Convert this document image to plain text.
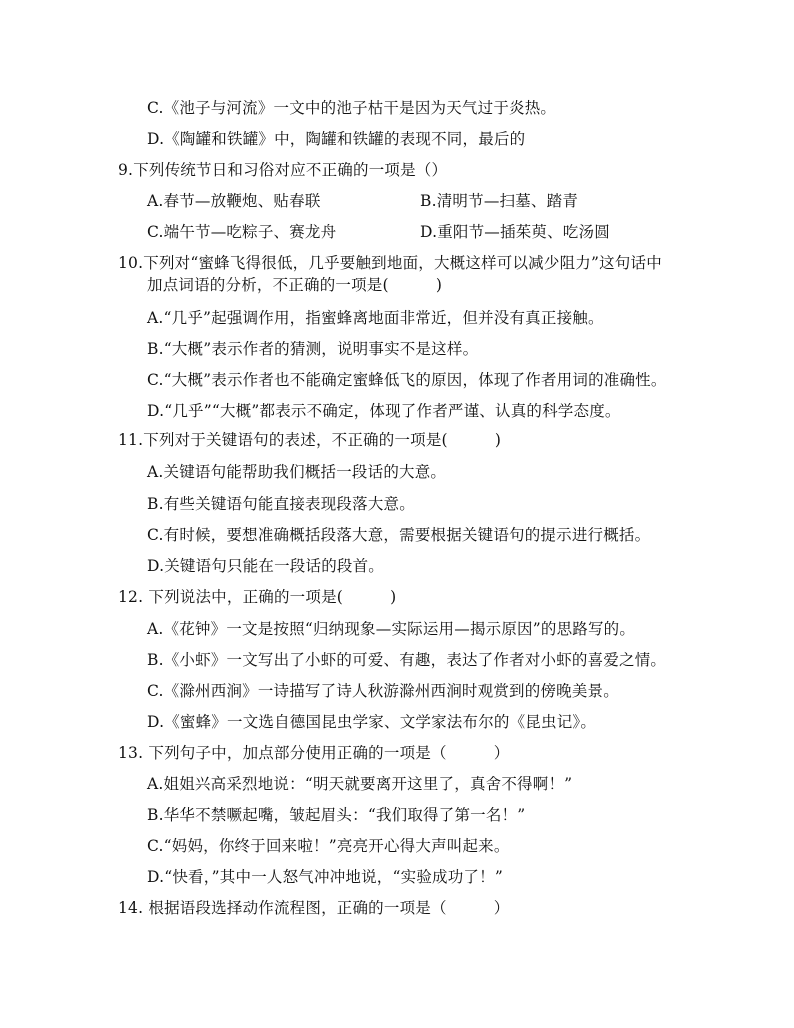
C.《池子与河流》一文中的池子枯干是因为天气过于炎热。
D.《陶罐和铁罐》中，陶罐和铁罐的表现不同，最后的
9.下列传统节日和习俗对应不正确的一项是（）
A.春节—放鞭炮、贴春联	B.清明节—扫墓、踏青
C.端午节—吃粽子、赛龙舟	D.重阳节—插茱萸、吃汤圆
10.下列对“蜜蜂飞得很低，几乎要触到地面，大概这样可以减少阻力”这句话中
加点词语的分析，不正确的一项是(　　　)
A.“几乎”起强调作用，指蜜蜂离地面非常近，但并没有真正接触。
B.“大概”表示作者的猜测，说明事实不是这样。
C.“大概”表示作者也不能确定蜜蜂低飞的原因，体现了作者用词的准确性。
D.“几乎”“大概”都表示不确定，体现了作者严谨、认真的科学态度。
11.下列对于关键语句的表述，不正确的一项是(　　　)
A.关键语句能帮助我们概括一段话的大意。
B.有些关键语句能直接表现段落大意。
C.有时候，要想准确概括段落大意，需要根据关键语句的提示进行概括。
D.关键语句只能在一段话的段首。
12. 下列说法中，正确的一项是(　　　)
A.《花钟》一文是按照“归纳现象—实际运用—揭示原因”的思路写的。
B.《小虾》一文写出了小虾的可爱、有趣，表达了作者对小虾的喜爱之情。
C.《滁州西涧》一诗描写了诗人秋游滁州西涧时观赏到的傍晚美景。
D.《蜜蜂》一文选自德国昆虫学家、文学家法布尔的《昆虫记》。
13. 下列句子中，加点部分使用正确的一项是（　　　）
A.姐姐兴高采烈地说：“明天就要离开这里了，真舍不得啊！”
B.华华不禁噘起嘴，皱起眉头：“我们取得了第一名！”
C.“妈妈，你终于回来啦！”亮亮开心得大声叫起来。
D.“快看，”其中一人怒气冲冲地说，“实验成功了！”
14. 根据语段选择动作流程图，正确的一项是（　　　）
